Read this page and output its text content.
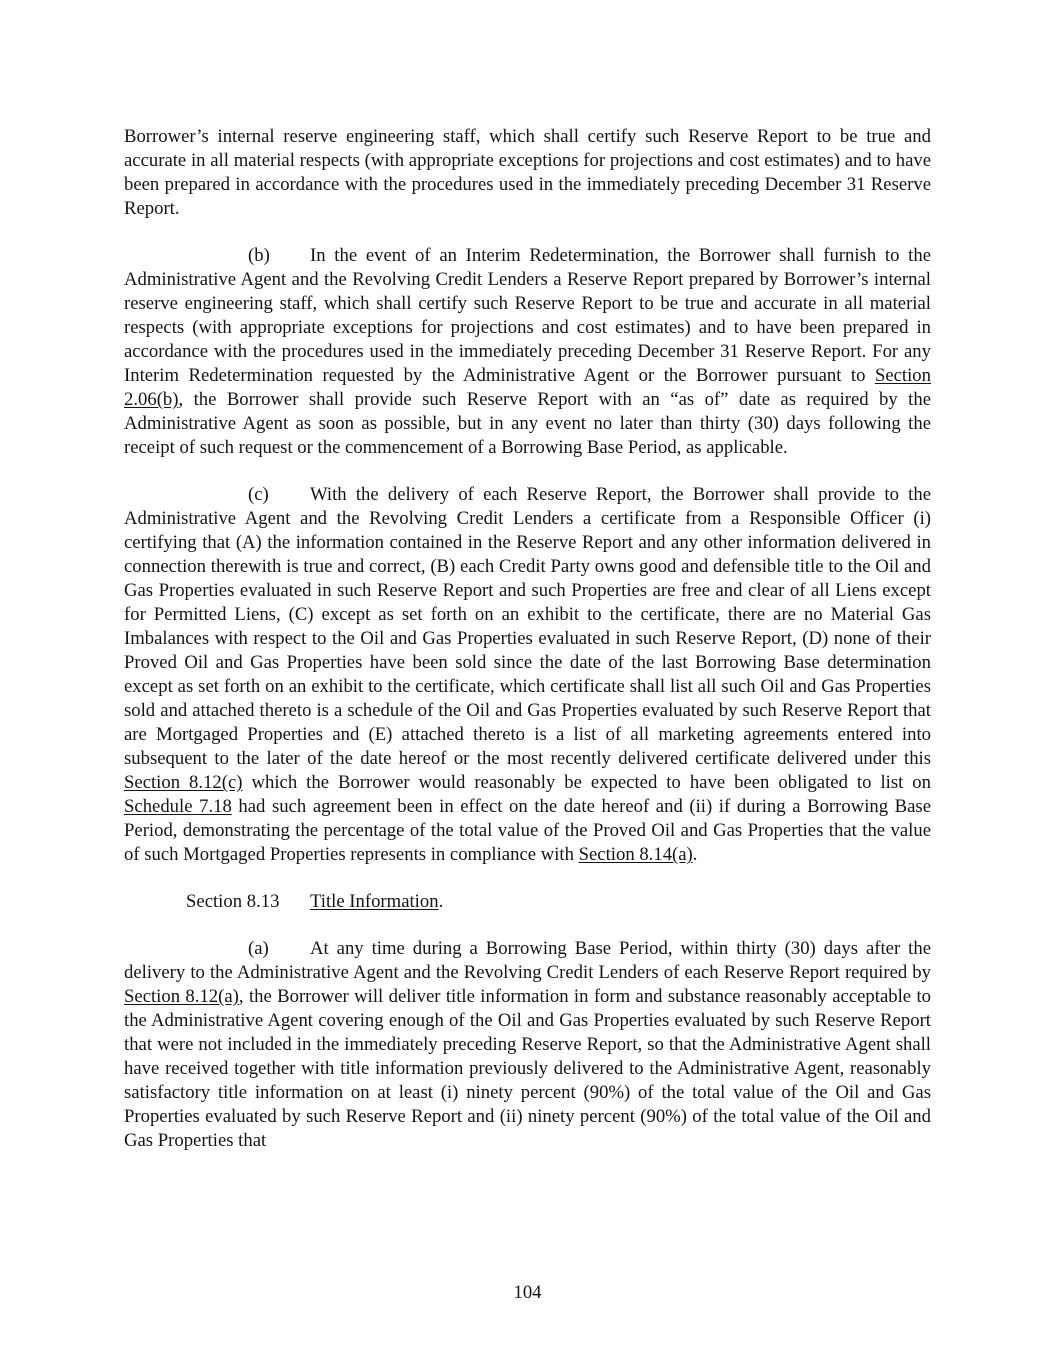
Borrower’s internal reserve engineering staff, which shall certify such Reserve Report to be true and accurate in all material respects (with appropriate exceptions for projections and cost estimates) and to have been prepared in accordance with the procedures used in the immediately preceding December 31 Reserve Report.

(b) In the event of an Interim Redetermination, the Borrower shall furnish to the Administrative Agent and the Revolving Credit Lenders a Reserve Report prepared by Borrower’s internal reserve engineering staff, which shall certify such Reserve Report to be true and accurate in all material respects (with appropriate exceptions for projections and cost estimates) and to have been prepared in accordance with the procedures used in the immediately preceding December 31 Reserve Report. For any Interim Redetermination requested by the Administrative Agent or the Borrower pursuant to Section 2.06(b), the Borrower shall provide such Reserve Report with an “as of” date as required by the Administrative Agent as soon as possible, but in any event no later than thirty (30) days following the receipt of such request or the commencement of a Borrowing Base Period, as applicable.

(c) With the delivery of each Reserve Report, the Borrower shall provide to the Administrative Agent and the Revolving Credit Lenders a certificate from a Responsible Officer (i) certifying that (A) the information contained in the Reserve Report and any other information delivered in connection therewith is true and correct, (B) each Credit Party owns good and defensible title to the Oil and Gas Properties evaluated in such Reserve Report and such Properties are free and clear of all Liens except for Permitted Liens, (C) except as set forth on an exhibit to the certificate, there are no Material Gas Imbalances with respect to the Oil and Gas Properties evaluated in such Reserve Report, (D) none of their Proved Oil and Gas Properties have been sold since the date of the last Borrowing Base determination except as set forth on an exhibit to the certificate, which certificate shall list all such Oil and Gas Properties sold and attached thereto is a schedule of the Oil and Gas Properties evaluated by such Reserve Report that are Mortgaged Properties and (E) attached thereto is a list of all marketing agreements entered into subsequent to the later of the date hereof or the most recently delivered certificate delivered under this Section 8.12(c) which the Borrower would reasonably be expected to have been obligated to list on Schedule 7.18 had such agreement been in effect on the date hereof and (ii) if during a Borrowing Base Period, demonstrating the percentage of the total value of the Proved Oil and Gas Properties that the value of such Mortgaged Properties represents in compliance with Section 8.14(a).

Section 8.13 Title Information.

(a) At any time during a Borrowing Base Period, within thirty (30) days after the delivery to the Administrative Agent and the Revolving Credit Lenders of each Reserve Report required by Section 8.12(a), the Borrower will deliver title information in form and substance reasonably acceptable to the Administrative Agent covering enough of the Oil and Gas Properties evaluated by such Reserve Report that were not included in the immediately preceding Reserve Report, so that the Administrative Agent shall have received together with title information previously delivered to the Administrative Agent, reasonably satisfactory title information on at least (i) ninety percent (90%) of the total value of the Oil and Gas Properties evaluated by such Reserve Report and (ii) ninety percent (90%) of the total value of the Oil and Gas Properties that

104
